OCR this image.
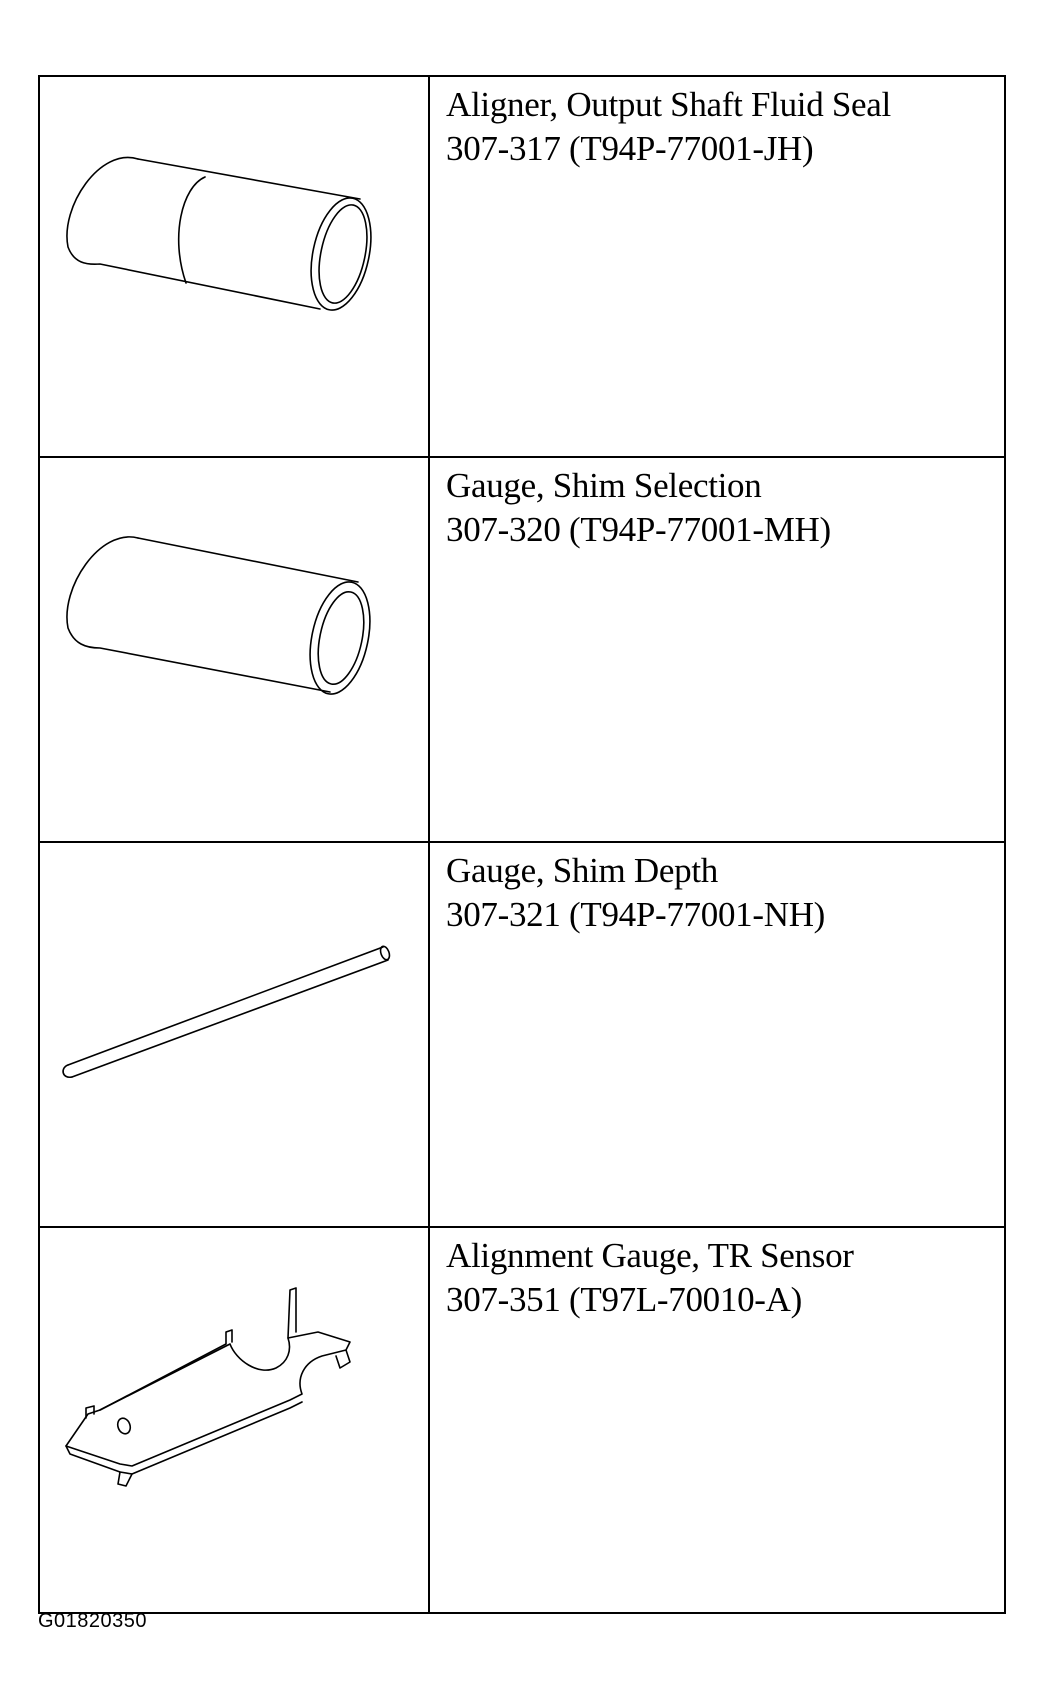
Aligner, Output Shaft Fluid Seal
307-317 (T94P-77001-JH)

Gauge, Shim Selection
307-320 (T94P-77001-MH)

Gauge, Shim Depth
307-321 (T94P-77001-NH)

Alignment Gauge, TR Sensor
307-351 (T97L-70010-A)
G01820350
